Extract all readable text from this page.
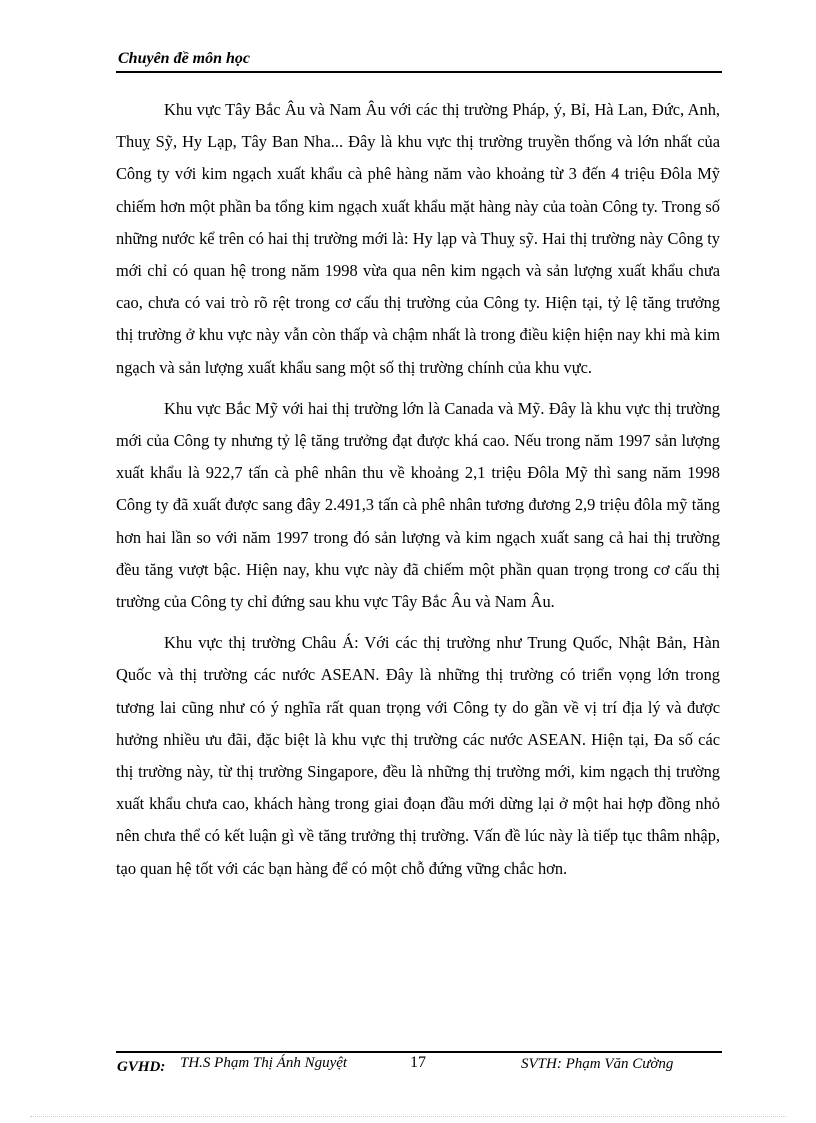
Chuyên đề môn học

Khu vực Tây Bắc Âu và Nam Âu với các thị trường Pháp, ý, Bỉ, Hà Lan, Đức, Anh, Thuỵ Sỹ, Hy Lạp, Tây Ban Nha... Đây là khu vực thị trường truyền thống và lớn nhất của Công ty với kim ngạch xuất khẩu cà phê hàng năm vào khoảng từ 3 đến 4 triệu Đôla Mỹ chiếm hơn một phần ba tổng kim ngạch xuất khẩu mặt hàng này của toàn Công ty. Trong số những nước kể trên có hai thị trường mới là: Hy lạp và Thuỵ sỹ. Hai thị trường này Công ty mới chỉ có quan hệ trong năm 1998 vừa qua nên kim ngạch và sản lượng xuất khẩu chưa cao, chưa có vai trò rõ rệt trong cơ cấu thị trường của Công ty. Hiện tại, tỷ lệ tăng trưởng thị trường ở khu vực này vẫn còn thấp và chậm nhất là trong điều kiện hiện nay khi mà kim ngạch và sản lượng xuất khẩu sang một số thị trường chính của khu vực.

Khu vực Bắc Mỹ với hai thị trường lớn là Canada và Mỹ. Đây là khu vực thị trường mới của Công ty nhưng tỷ lệ tăng trưởng đạt được khá cao. Nếu trong năm 1997 sản lượng xuất khẩu là 922,7 tấn cà phê nhân thu về khoảng 2,1 triệu Đôla Mỹ thì sang năm 1998 Công ty đã xuất được sang đây 2.491,3 tấn cà phê nhân tương đương 2,9 triệu đôla mỹ tăng hơn hai lần so với năm 1997 trong đó sản lượng và kim ngạch xuất sang cả hai thị trường đều tăng vượt bậc. Hiện nay, khu vực này đã chiếm một phần quan trọng trong cơ cấu thị trường của Công ty chỉ đứng sau khu vực Tây Bắc Âu và Nam Âu.

Khu vực thị trường Châu Á: Với các thị trường như Trung Quốc, Nhật Bản, Hàn Quốc và thị trường các nước ASEAN. Đây là những thị trường có triển vọng lớn trong tương lai cũng như có ý nghĩa rất quan trọng với Công ty do gần về vị trí địa lý và được hưởng nhiều ưu đãi, đặc biệt là khu vực thị trường các nước ASEAN. Hiện tại, Đa số các thị trường này, từ thị trường Singapore, đều là những thị trường mới, kim ngạch thị trường xuất khẩu chưa cao, khách hàng trong giai đoạn đầu mới dừng lại ở một hai hợp đồng nhỏ nên chưa thể có kết luận gì về tăng trưởng thị trường. Vấn đề lúc này là tiếp tục thâm nhập, tạo quan hệ tốt với các bạn hàng để có một chỗ đứng vững chắc hơn.

GVHD: TH.S Phạm Thị Ánh Nguyệt	17	SVTH: Phạm Văn Cường
